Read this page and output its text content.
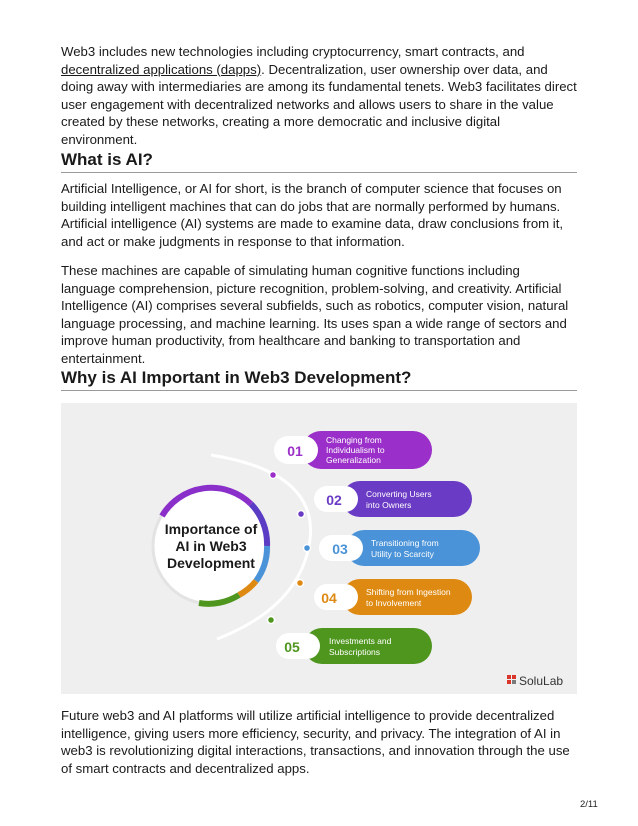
Web3 includes new technologies including cryptocurrency, smart contracts, and decentralized applications (dapps). Decentralization, user ownership over data, and doing away with intermediaries are among its fundamental tenets. Web3 facilitates direct user engagement with decentralized networks and allows users to share in the value created by these networks, creating a more democratic and inclusive digital environment.

What is AI?

Artificial Intelligence, or AI for short, is the branch of computer science that focuses on building intelligent machines that can do jobs that are normally performed by humans. Artificial intelligence (AI) systems are made to examine data, draw conclusions from it, and act or make judgments in response to that information.

These machines are capable of simulating human cognitive functions including language comprehension, picture recognition, problem-solving, and creativity. Artificial Intelligence (AI) comprises several subfields, such as robotics, computer vision, natural language processing, and machine learning. Its uses span a wide range of sectors and improve human productivity, from healthcare and banking to transportation and entertainment.

Why is AI Important in Web3 Development?
Importance of
AI in Web3
Development
01
Changing from
Individualism to
Generalization
02	Converting Users
into Owners
03	Transitioning from
Utility to Scarcity
04	Shifting from Ingestion
to Involvement
05	Investments and
Subscriptions
SoluLab

Future web3 and AI platforms will utilize artificial intelligence to provide decentralized intelligence, giving users more efficiency, security, and privacy. The integration of AI in web3 is revolutionizing digital interactions, transactions, and innovation through the use of smart contracts and decentralized apps.

2/11
